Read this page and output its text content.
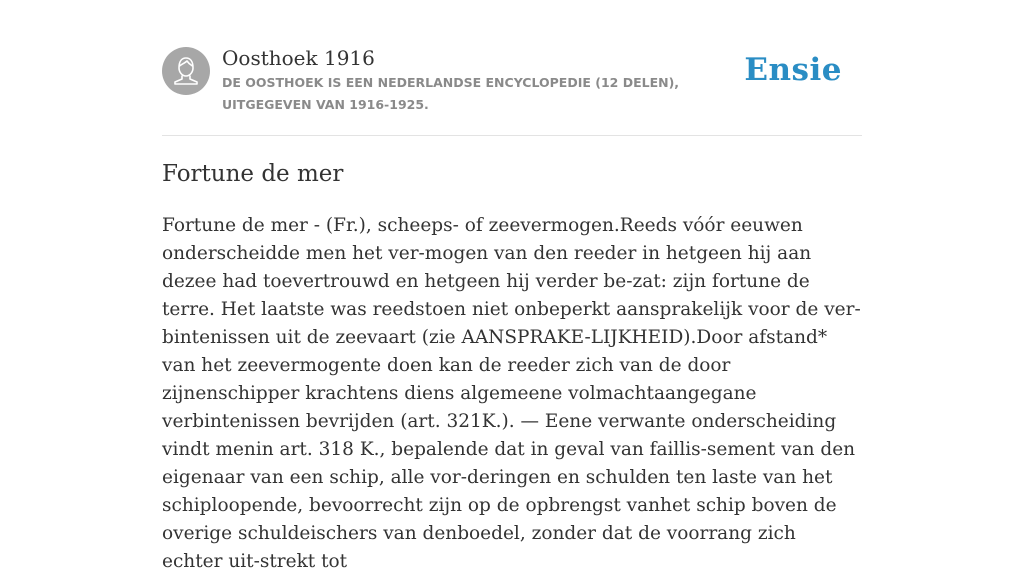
Oosthoek 1916
DE OOSTHOEK IS EEN NEDERLANDSE ENCYCLOPEDIE (12 DELEN), UITGEGEVEN VAN 1916-1925.
Ensie
Fortune de mer
Fortune de mer - (Fr.), scheeps- of zeevermogen.Reeds vóór eeuwen onderscheidde men het ver-mogen van den reeder in hetgeen hij aan dezee had toevertrouwd en hetgeen hij verder be-zat: zijn fortune de terre. Het laatste was reedstoen niet onbeperkt aansprakelijk voor de ver-bintenissen uit de zeevaart (zie AANSPRAKE-LIJKHEID).Door afstand* van het zeevermogente doen kan de reeder zich van de door zijnenschipper krachtens diens algemeene volmachtaangegane verbintenissen bevrijden (art. 321K.). — Eene verwante onderscheiding vindt menin art. 318 K., bepalende dat in geval van faillis-sement van den eigenaar van een schip, alle vor-deringen en schulden ten laste van het schiploopende, bevoorrecht zijn op de opbrengst vanhet schip boven de overige schuldeischers van denboedel, zonder dat de voorrang zich echter uit-strekt tot
